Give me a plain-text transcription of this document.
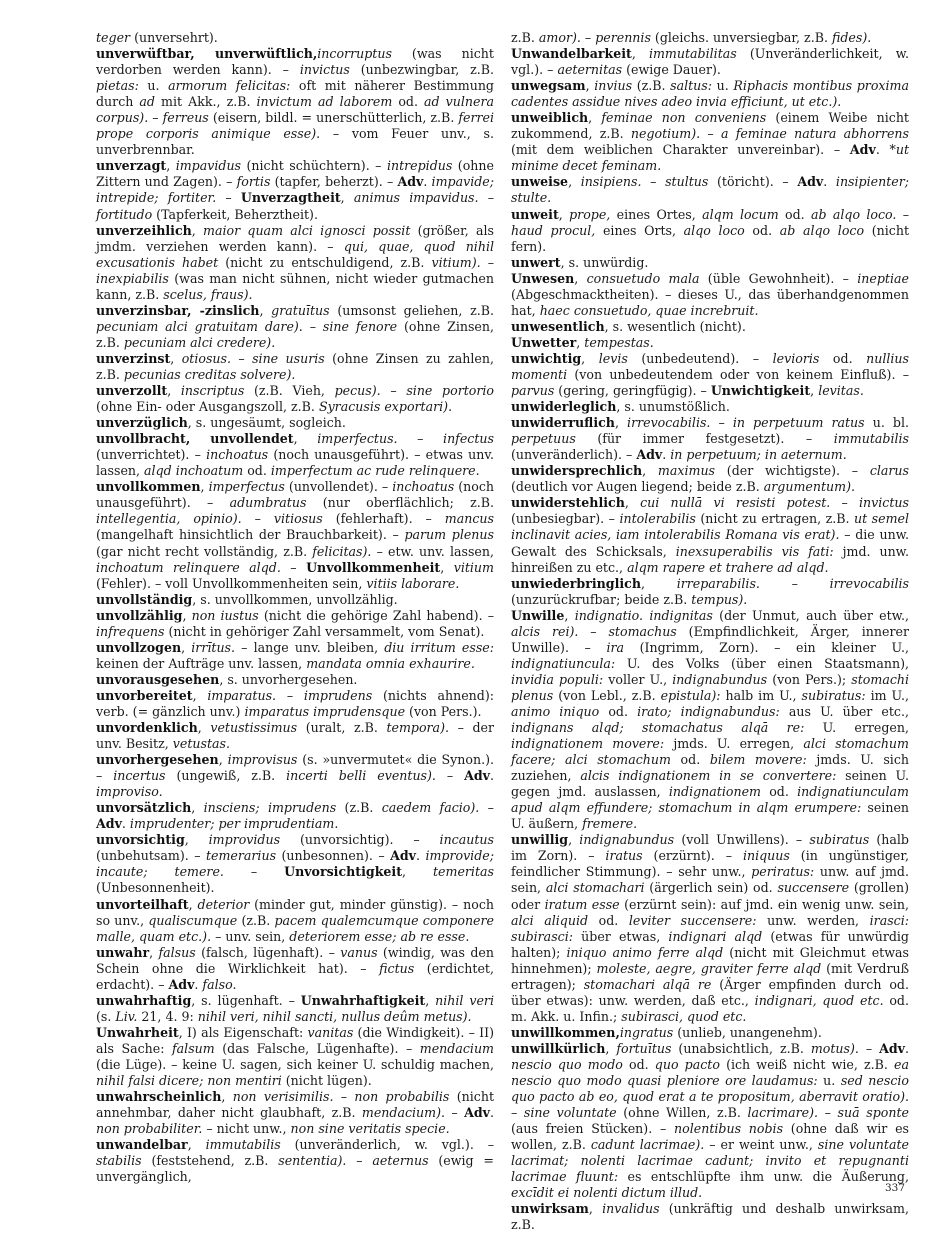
teger (unversehrt).

unverwüftbar, unverwüftlich,incorruptus (was nicht verdorben werden kann). – invictus (unbezwingbar, z.B. pietas: u. armorum felicitas: oft mit näherer Bestimmung durch ad mit Akk., z.B. invictum ad laborem od. ad vulnera corpus). – ferreus (eisern, bildl. = unerschütterlich, z.B. ferrei prope corporis animique esse). – vom Feuer unv., s. unverbrennbar.

unverzagt, impavidus (nicht schüchtern). – intrepidus (ohne Zittern und Zagen). – fortis (tapfer, beherzt). – Adv. impavide; intrepide; fortiter. – Unverzagtheit, animus impavidus. – fortitudo (Tapferkeit, Beherztheit).

unverzeihlich, maior quam alci ignosci possit (größer, als jmdm. verziehen werden kann). – qui, quae, quod nihil excusationis habet (nicht zu entschuldigend, z.B. vitium). – inexpiabilis (was man nicht sühnen, nicht wieder gutmachen kann, z.B. scelus, fraus).

unverzinsbar, -zinslich, gratuītus (umsonst geliehen, z.B. pecuniam alci gratuitam dare). – sine fenore (ohne Zinsen, z.B. pecuniam alci credere).

unverzinst, otiosus. – sine usuris (ohne Zinsen zu zahlen, z.B. pecunias creditas solvere).

unverzollt, inscriptus (z.B. Vieh, pecus). – sine portorio (ohne Ein- oder Ausgangszoll, z.B. Syracusis exportari).

unverzüglich, s. ungesäumt, sogleich.

unvollbracht, unvollendet, imperfectus. – infectus (unverrichtet). – inchoatus (noch unausgeführt). – etwas unv. lassen, alqd inchoatum od. imperfectum ac rude relinquere.

unvollkommen, imperfectus (unvollendet). – inchoatus (noch unausgeführt). – adumbratus (nur oberflächlich; z.B. intellegentia, opinio). – vitiosus (fehlerhaft). – mancus (mangelhaft hinsichtlich der Brauchbarkeit). – parum plenus (gar nicht recht vollständig, z.B. felicitas). – etw. unv. lassen, inchoatum relinquere alqd. – Unvollkommenheit, vitium (Fehler). – voll Unvollkommenheiten sein, vitiis laborare.

unvollständig, s. unvollkommen, unvollzählig.

unvollzählig, non iustus (nicht die gehörige Zahl habend). – infrequens (nicht in gehöriger Zahl versammelt, vom Senat).

unvollzogen, irrītus. – lange unv. bleiben, diu irritum esse: keinen der Aufträge unv. lassen, mandata omnia exhaurire.

unvorausgesehen, s. unvorhergesehen.

unvorbereitet, imparatus. – imprudens (nichts ahnend): verb. (= gänzlich unv.) imparatus imprudensque (von Pers.).

unvordenklich, vetustissimus (uralt, z.B. tempora). – der unv. Besitz, vetustas.

unvorhergesehen, improvisus (s. »unvermutet« die Synon.). – incertus (ungewiß, z.B. incerti belli eventus). – Adv. improviso.

unvorsätzlich, insciens; imprudens (z.B. caedem facio). – Adv. imprudenter; per imprudentiam.

unvorsichtig, improvidus (unvorsichtig). – incautus (unbehutsam). – temerarius (unbesonnen). – Adv. improvide; incaute; temere. – Unvorsichtigkeit, temeritas (Unbesonnenheit).

unvorteilhaft, deterior (minder gut, minder günstig). – noch so unv., qualiscumque (z.B. pacem qualemcumque componere malle, quam etc.). – unv. sein, deteriorem esse; ab re esse.

unwahr, falsus (falsch, lügenhaft). – vanus (windig, was den Schein ohne die Wirklichkeit hat). – fictus (erdichtet, erdacht). – Adv. falso.

unwahrhaftig, s. lügenhaft. – Unwahrhaftigkeit, nihil veri (s. Liv. 21, 4. 9: nihil veri, nihil sancti, nullus deûm metus).

Unwahrheit, I) als Eigenschaft: vanitas (die Windigkeit). – II) als Sache: falsum (das Falsche, Lügenhafte). – mendacium (die Lüge). – keine U. sagen, sich keiner U. schuldig machen, nihil falsi dicere; non mentiri (nicht lügen).

unwahrscheinlich, non verisimilis. – non probabilis (nicht annehmbar, daher nicht glaubhaft, z.B. mendacium). – Adv. non probabiliter. – nicht unw., non sine veritatis specie.

unwandelbar, immutabilis (unveränderlich, w. vgl.). – stabilis (feststehend, z.B. sententia). – aeternus (ewig = unvergänglich,

z.B. amor). – perennis (gleichs. unversiegbar, z.B. fides).

Unwandelbarkeit, immutabilitas (Unveränderlichkeit, w. vgl.). – aeternitas (ewige Dauer).

unwegsam, invius (z.B. saltus: u. Riphacis montibus proxima cadentes assidue nives adeo invia efficiunt, ut etc.).

unweiblich, feminae non conveniens (einem Weibe nicht zukommend, z.B. negotium). – a feminae natura abhorrens (mit dem weiblichen Charakter unvereinbar). – Adv. *ut minime decet feminam.

unweise, insipiens. – stultus (töricht). – Adv. insipienter; stulte.

unweit, prope, eines Ortes, alqm locum od. ab alqo loco. – haud procul, eines Orts, alqo loco od. ab alqo loco (nicht fern).

unwert, s. unwürdig.

Unwesen, consuetudo mala (üble Gewohnheit). – ineptiae (Abgeschmacktheiten). – dieses U., das überhandgenommen hat, haec consuetudo, quae increbruit.

unwesentlich, s. wesentlich (nicht).

Unwetter, tempestas.

unwichtig, levis (unbedeutend). – levioris od. nullius momenti (von unbedeutendem oder von keinem Einfluß). – parvus (gering, geringfügig). – Unwichtigkeit, levitas.

unwiderleglich, s. unumstößlich.

unwiderruflich, irrevocabilis. – in perpetuum ratus u. bl. perpetuus (für immer festgesetzt). – immutabilis (unveränderlich). – Adv. in perpetuum; in aeternum.

unwidersprechlich, maximus (der wichtigste). – clarus (deutlich vor Augen liegend; beide z.B. argumentum).

unwiderstehlich, cui nullā vi resisti potest. – invictus (unbesiegbar). – intolerabilis (nicht zu ertragen, z.B. ut semel inclinavit acies, iam intolerabilis Romana vis erat). – die unw. Gewalt des Schicksals, inexsuperabilis vis fati: jmd. unw. hinreißen zu etc., alqm rapere et trahere ad alqd.

unwiederbringlich, irreparabilis. – irrevocabilis (unzurückrufbar; beide z.B. tempus).

Unwille, indignatio. indignitas (der Unmut, auch über etw., alcis rei). – stomachus (Empfindlichkeit, Ärger, innerer Unwille). – ira (Ingrimm, Zorn). – ein kleiner U., indignatiuncula: U. des Volks (über einen Staatsmann), invidia populi: voller U., indignabundus (von Pers.); stomachi plenus (von Lebl., z.B. epistula): halb im U., subiratus: im U., animo iniquo od. irato; indignabundus: aus U. über etc., indignans alqd; stomachatus alqā re: U. erregen, indignationem movere: jmds. U. erregen, alci stomachum facere; alci stomachum od. bilem movere: jmds. U. sich zuziehen, alcis indignationem in se convertere: seinen U. gegen jmd. auslassen, indignationem od. indignatiunculam apud alqm effundere; stomachum in alqm erumpere: seinen U. äußern, fremere.

unwillig, indignabundus (voll Unwillens). – subiratus (halb im Zorn). – iratus (erzürnt). – iniquus (in ungünstiger, feindlicher Stimmung). – sehr unw., periratus: unw. auf jmd. sein, alci stomachari (ärgerlich sein) od. succensere (grollen) oder iratum esse (erzürnt sein): auf jmd. ein wenig unw. sein, alci aliquid od. leviter succensere: unw. werden, irasci: subirasci: über etwas, indignari alqd (etwas für unwürdig halten); iniquo animo ferre alqd (nicht mit Gleichmut etwas hinnehmen); moleste, aegre, graviter ferre alqd (mit Verdruß ertragen); stomachari alqā re (Ärger empfinden durch od. über etwas): unw. werden, daß etc., indignari, quod etc. od. m. Akk. u. Infin.; subirasci, quod etc.

unwillkommen,ingratus (unlieb, unangenehm).

unwillkürlich, fortuītus (unabsichtlich, z.B. motus). – Adv. nescio quo modo od. quo pacto (ich weiß nicht wie, z.B. ea nescio quo modo quasi pleniore ore laudamus: u. sed nescio quo pacto ab eo, quod erat a te propositum, aberravit oratio). – sine voluntate (ohne Willen, z.B. lacrimare). – suā sponte (aus freien Stücken). – nolentibus nobis (ohne daß wir es wollen, z.B. cadunt lacrimae). – er weint unw., sine voluntate lacrimat; nolenti lacrimae cadunt; invito et repugnanti lacrimae fluunt: es entschlüpfte ihm unw. die Äußerung, excīdit ei nolenti dictum illud.

unwirksam, invalidus (unkräftig und deshalb unwirksam, z.B.

337
